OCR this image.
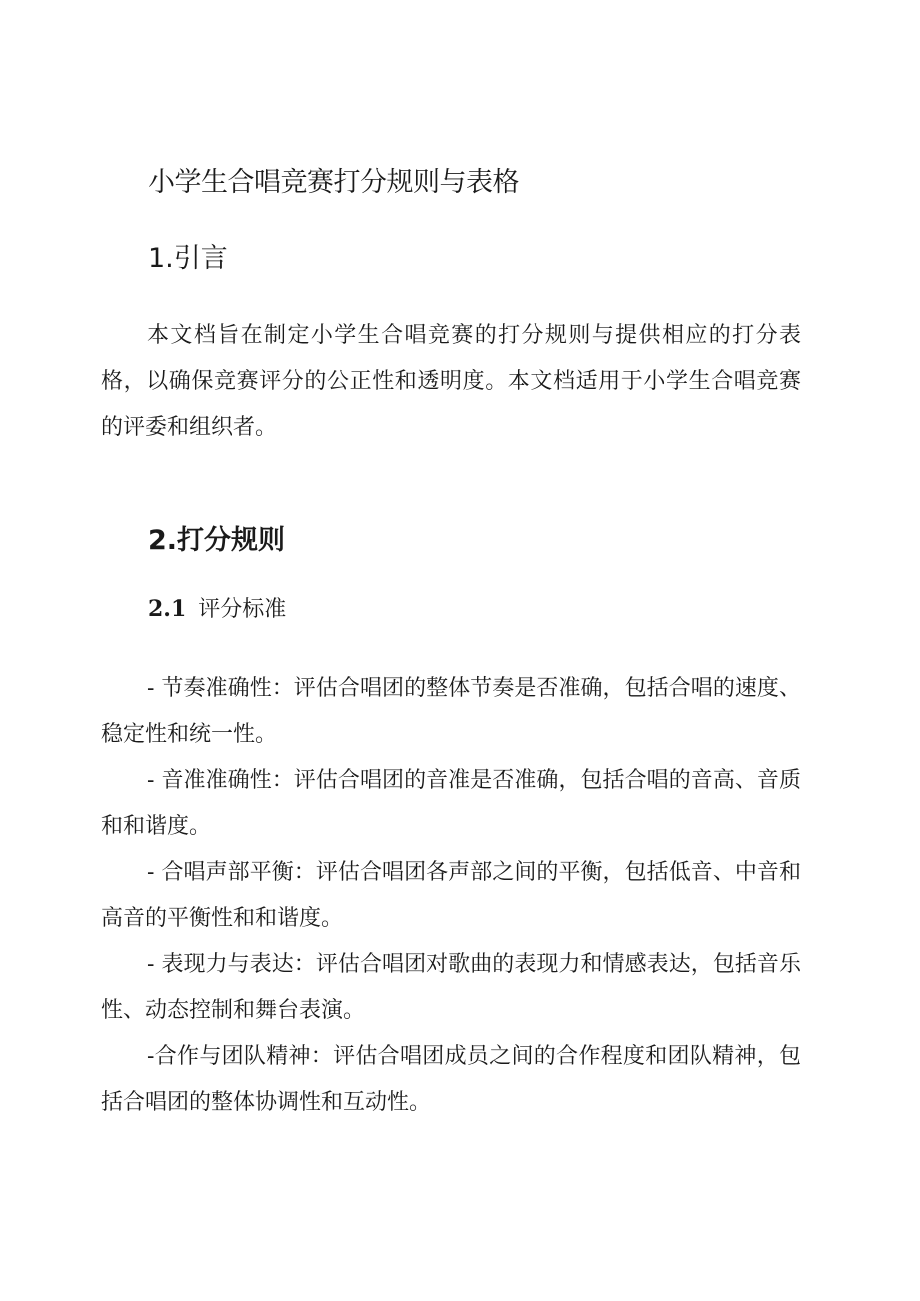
小学生合唱竞赛打分规则与表格
1.引言

本文档旨在制定小学生合唱竞赛的打分规则与提供相应的打分表格，以确保竞赛评分的公正性和透明度。本文档适用于小学生合唱竞赛的评委和组织者。

2.打分规则
2.1 评分标准
- 节奏准确性：评估合唱团的整体节奏是否准确，包括合唱的速度、稳定性和统一性。
- 音准准确性：评估合唱团的音准是否准确，包括合唱的音高、音质和和谐度。
- 合唱声部平衡：评估合唱团各声部之间的平衡，包括低音、中音和高音的平衡性和和谐度。
- 表现力与表达：评估合唱团对歌曲的表现力和情感表达，包括音乐性、动态控制和舞台表演。
-合作与团队精神：评估合唱团成员之间的合作程度和团队精神，包括合唱团的整体协调性和互动性。
